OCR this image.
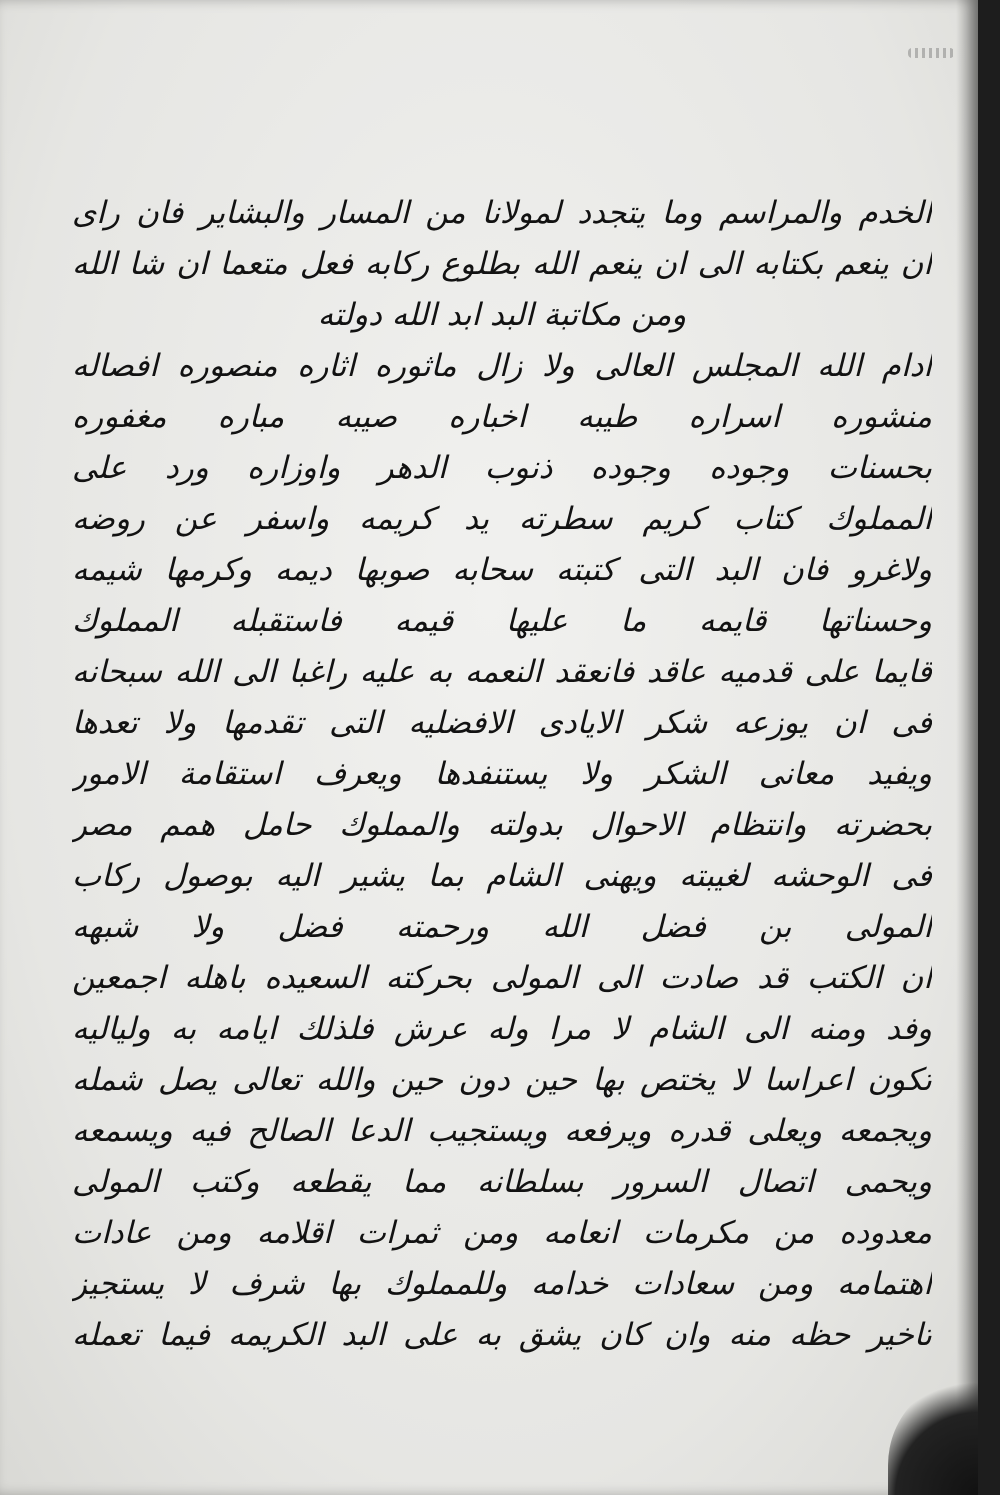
الخدم والمراسم وما يتجدد لمولانا من المسار والبشاير فان راى
ان ينعم بكتابه الى ان ينعم الله بطلوع ركابه فعل متعما ان شا الله
ومن مكاتبة البد ابد الله دولته
ادام الله المجلس العالى ولا زال ماثوره اثاره منصوره افصاله
منشوره اسراره طيبه اخباره صيبه مباره مغفوره
بحسنات وجوده وجوده ذنوب الدهر واوزاره ورد على
المملوك كتاب كريم سطرته يد كريمه واسفر عن روضه
ولاغرو فان البد التى كتبته سحابه صوبها ديمه وكرمها شيمه
وحسناتها قايمه ما عليها قيمه فاستقبله المملوك
قايما على قدميه عاقد فانعقد النعمه به عليه راغبا الى الله سبحانه
فى ان يوزعه شكر الايادى الافضليه التى تقدمها ولا تعدها
ويفيد معانى الشكر ولا يستنفدها ويعرف استقامة الامور
بحضرته وانتظام الاحوال بدولته والمملوك حامل همم مصر
فى الوحشه لغيبته ويهنى الشام بما يشير اليه بوصول ركاب
المولى بن فضل الله ورحمته فضل ولا شبهه
ان الكتب قد صادت الى المولى بحركته السعيده باهله اجمعين
وفد ومنه الى الشام لا مرا وله عرش فلذلك ايامه به ولياليه
تكون اعراسا لا يختص بها حين دون حين والله تعالى يصل شمله
ويجمعه ويعلى قدره ويرفعه ويستجيب الدعا الصالح فيه ويسمعه
ويحمى اتصال السرور بسلطانه مما يقطعه وكتب المولى
معدوده من مكرمات انعامه ومن ثمرات اقلامه ومن عادات
اهتمامه ومن سعادات خدامه وللمملوك بها شرف لا يستجيز
تاخير حظه منه وان كان يشق به على البد الكريمه فيما تعمله
